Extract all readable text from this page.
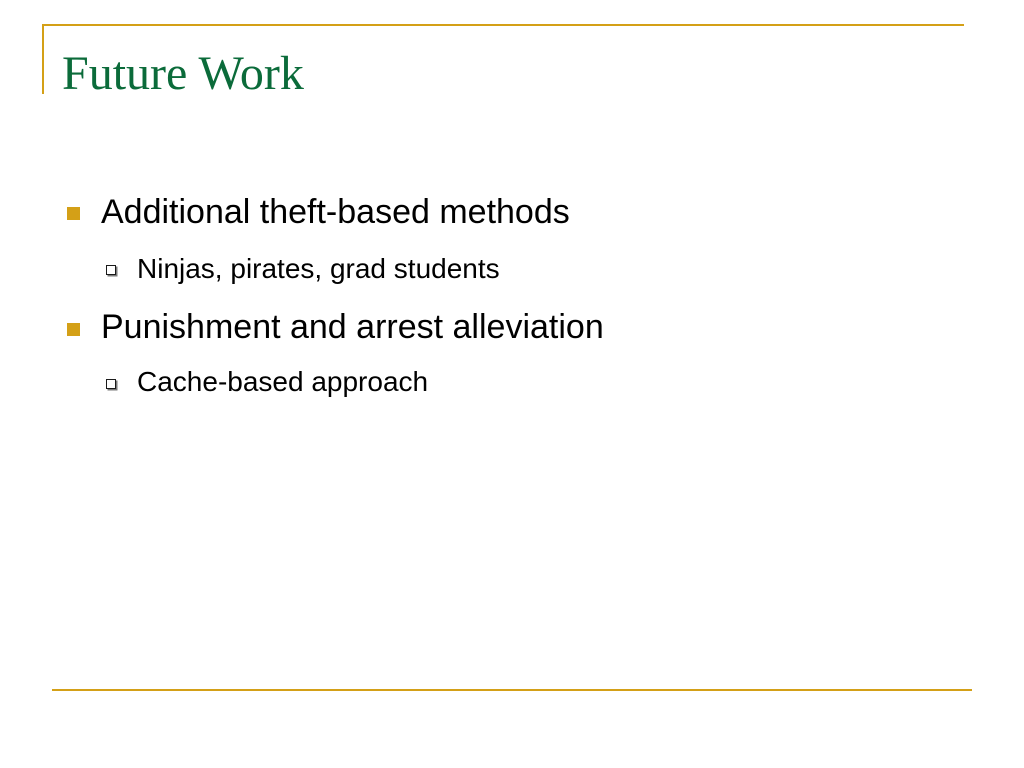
Future Work
Additional theft-based methods
Ninjas, pirates, grad students
Punishment and arrest alleviation
Cache-based approach
